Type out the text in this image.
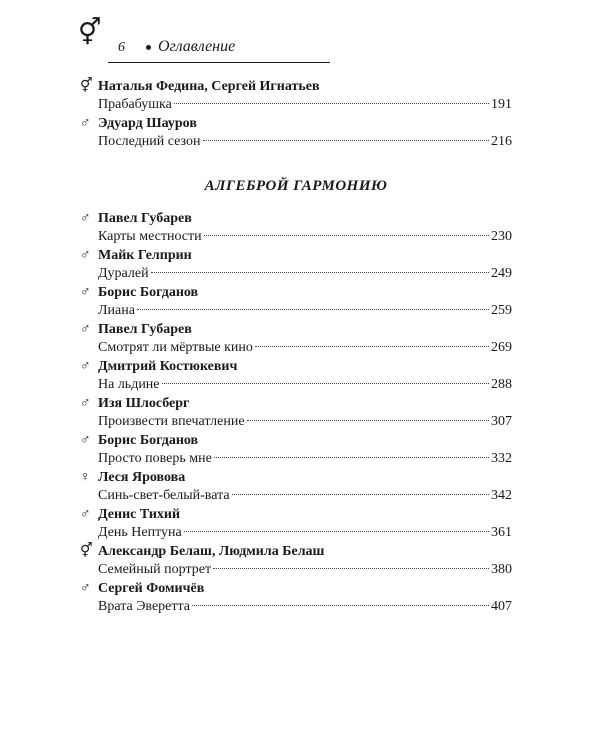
⚥
6 Оглавление
⚥ Наталья Федина, Сергей Игнатьев
Прабабушка	191
♂ Эдуард Шауров
Последний сезон	216
АЛГЕБРОЙ ГАРМОНИЮ
♂ Павел Губарев
Карты местности	230
♂ Майк Гелприн
Дуралей	249
♂ Борис Богданов
Лиана	259
♂ Павел Губарев
Смотрят ли мёртвые кино	269
♂ Дмитрий Костюкевич
На льдине	288
♂ Изя Шлосберг
Произвести впечатление	307
♂ Борис Богданов
Просто поверь мне	332
♀ Леся Яровова
Синь-свет-белый-вата	342
♂ Денис Тихий
День Нептуна	361
⚥ Александр Белаш, Людмила Белаш
Семейный портрет	380
♂ Сергей Фомичёв
Врата Эверетта	407
